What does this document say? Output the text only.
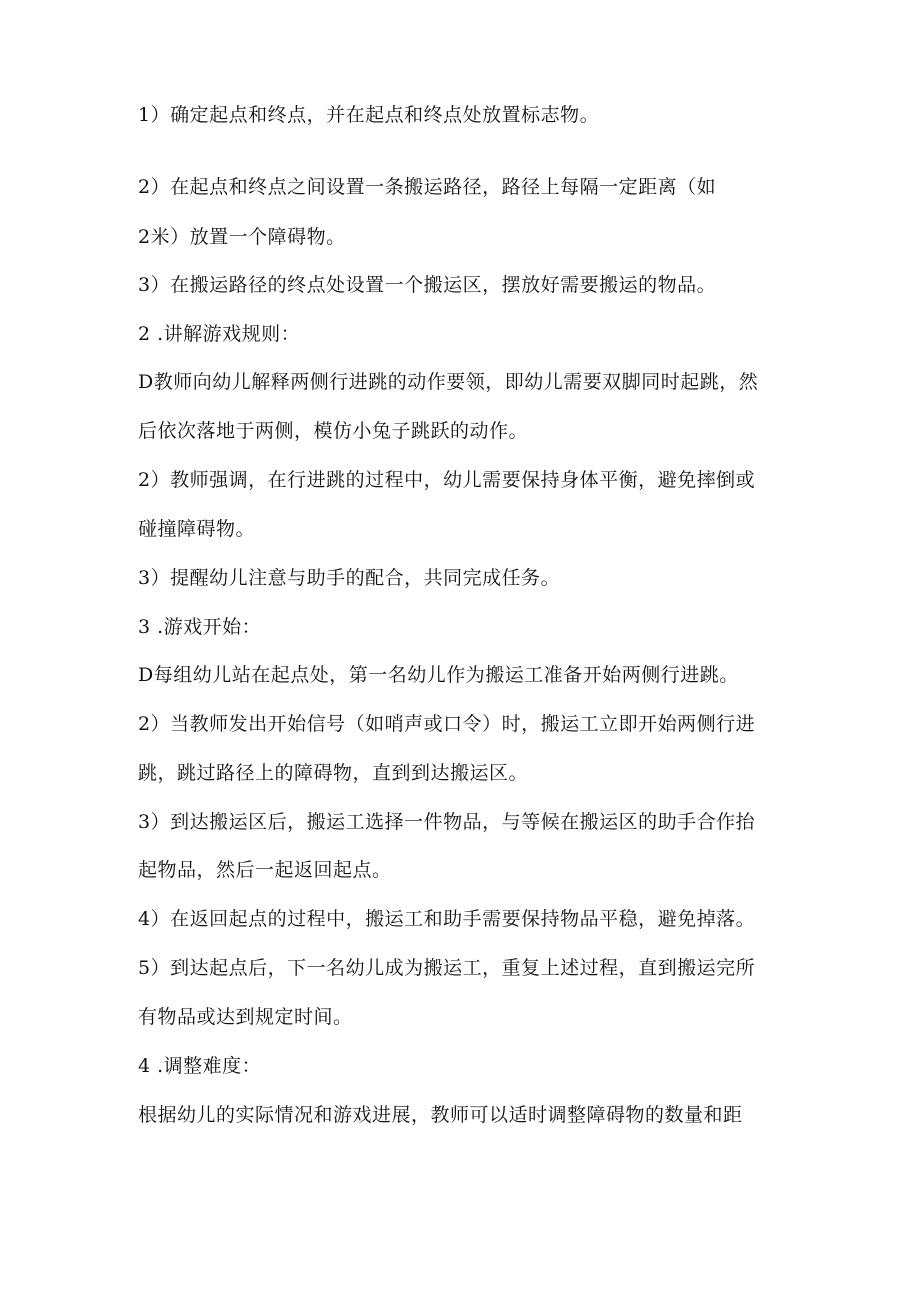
1）确定起点和终点，并在起点和终点处放置标志物。
2）在起点和终点之间设置一条搬运路径，路径上每隔一定距离（如
2米）放置一个障碍物。
3）在搬运路径的终点处设置一个搬运区，摆放好需要搬运的物品。
2 .讲解游戏规则：
D教师向幼儿解释两侧行进跳的动作要领，即幼儿需要双脚同时起跳，然
后依次落地于两侧，模仿小兔子跳跃的动作。
2）教师强调，在行进跳的过程中，幼儿需要保持身体平衡，避免摔倒或
碰撞障碍物。
3）提醒幼儿注意与助手的配合，共同完成任务。
3 .游戏开始：
D每组幼儿站在起点处，第一名幼儿作为搬运工准备开始两侧行进跳。
2）当教师发出开始信号（如哨声或口令）时，搬运工立即开始两侧行进
跳，跳过路径上的障碍物，直到到达搬运区。
3）到达搬运区后，搬运工选择一件物品，与等候在搬运区的助手合作抬
起物品，然后一起返回起点。
4）在返回起点的过程中，搬运工和助手需要保持物品平稳，避免掉落。
5）到达起点后，下一名幼儿成为搬运工，重复上述过程，直到搬运完所
有物品或达到规定时间。
4 .调整难度：
根据幼儿的实际情况和游戏进展，教师可以适时调整障碍物的数量和距
